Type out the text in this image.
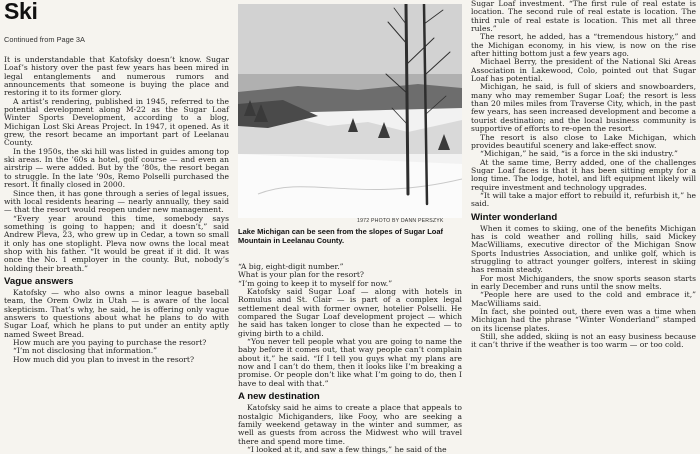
Ski
Continued from Page 3A

It is understandable that Katofsky doesn’t know. Sugar Loaf’s history over the past few years has been mired in legal entanglements and numerous rumors and announcements that someone is buying the place and restoring it to its former glory.

A artist’s rendering, published in 1945, referred to the potential development along M-22 as the Sugar Loaf Winter Sports Development, according to a blog, Michigan Lost Ski Areas Project. In 1947, it opened. As it grew, the resort became an important part of Leelanau County.

In the 1950s, the ski hill was listed in guides among top ski areas. In the ’60s a hotel, golf course — and even an airstrip — were added. But by the ’80s, the resort began to struggle. In the late ’90s, Remo Polselli purchased the resort. It finally closed in 2000.

Since then, it has gone through a series of legal issues, with local residents hearing — nearly annually, they said — that the resort would reopen under new management.

“Every year around this time, somebody says something is going to happen; and it doesn’t,” said Andrew Pleva, 23, who grew up in Cedar, a town so small it only has one stoplight. Pleva now owns the local meat shop with his father. “It would be great if it did. It was once the No. 1 employer in the county. But, nobody’s holding their breath.”

Vague answers

Katofsky — who also owns a minor league baseball team, the Orem Owlz in Utah — is aware of the local skepticism. That’s why, he said, he is offering only vague answers to questions about what he plans to do with Sugar Loaf, which he plans to put under an entity aptly named Sweet Bread.

How much are you paying to purchase the resort?

“I’m not disclosing that information.”

How much did you plan to invest in the resort?

1972 PHOTO BY DANN PERSZYK
Lake Michigan can be seen from the slopes of Sugar Loaf Mountain in Leelanau County.

“A big, eight-digit number.”

What is your plan for the resort?

“I’m going to keep it to myself for now.”

Katofsky said Sugar Loaf — along with hotels in Romulus and St. Clair — is part of a complex legal settlement deal with former owner, hotelier Polselli. He compared the Sugar Loaf development project — which he said has taken longer to close than he expected — to giving birth to a child.

“You never tell people what you are going to name the baby before it comes out, that way people can’t complain about it,” he said. “If I tell you guys what my plans are now and I can’t do them, then it looks like I’m breaking a promise. Or people don’t like what I’m going to do, then I have to deal with that.”

A new destination

Katofsky said he aims to create a place that appeals to nostalgic Michiganders, like Fooy, who are seeking a family weekend getaway in the winter and summer, as well as guests from across the Midwest who will travel there and spend more time.

“I looked at it, and saw a few things,” he said of the

Sugar Loaf investment. “The first rule of real estate is location. The second rule of real estate is location. The third rule of real estate is location. This met all three rules.”

The resort, he added, has a “tremendous history,” and the Michigan economy, in his view, is now on the rise after hitting bottom just a few years ago.

Michael Berry, the president of the National Ski Areas Association in Lakewood, Colo, pointed out that Sugar Loaf has potential.

Michigan, he said, is full of skiers and snowboarders, many who may remember Sugar Loaf; the resort is less than 20 miles miles from Traverse City, which, in the past few years, has seen increased development and become a tourist destination; and the local business community is supportive of efforts to re-open the resort.

The resort is also close to Lake Michigan, which provides beautiful scenery and lake-effect snow.

“Michigan,” he said, “is a force in the ski industry.”

At the same time, Berry added, one of the challenges Sugar Loaf faces is that it has been sitting empty for a long time. The lodge, hotel, and lift equipment likely will require investment and technology upgrades.

“It will take a major effort to rebuild it, refurbish it,” he said.

Winter wonderland

When it comes to skiing, one of the benefits Michigan has is cold weather and rolling hills, said Mickey MacWilliams, executive director of the Michigan Snow Sports Industries Association, and unlike golf, which is struggling to attract younger golfers, interest in skiing has remain steady.

For most Michiganders, the snow sports season starts in early December and runs until the snow melts.

“People here are used to the cold and embrace it,” MacWilliams said.

In fact, she pointed out, there even was a time when Michigan had the phrase “Winter Wonderland” stamped on its license plates.

Still, she added, skiing is not an easy business because it can’t thrive if the weather is too warm — or too cold.
